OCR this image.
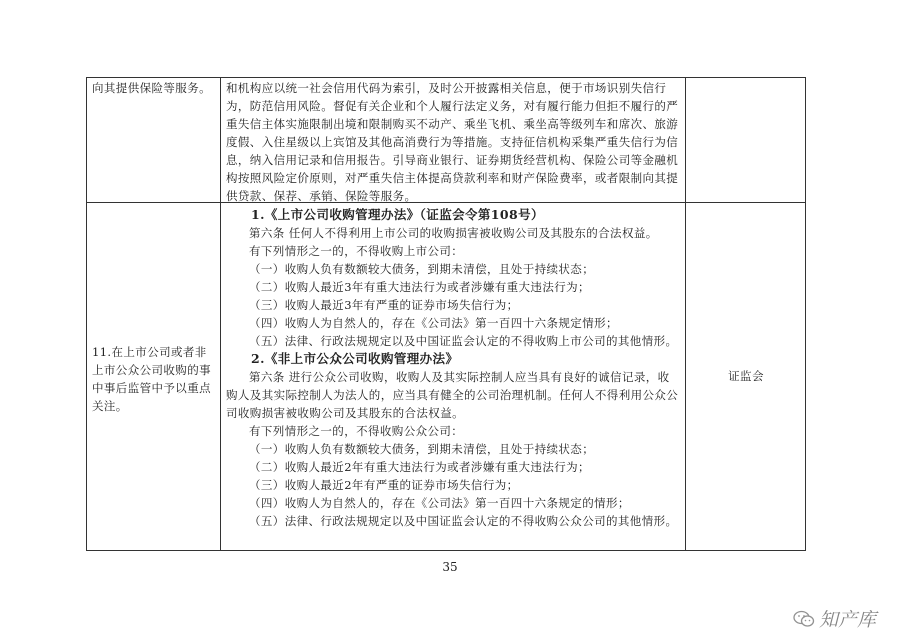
向其提供保险等服务。	和机构应以统一社会信用代码为索引，及时公开披露相关信息，便于市场识别失信行为，防范信用风险。督促有关企业和个人履行法定义务，对有履行能力但拒不履行的严重失信主体实施限制出境和限制购买不动产、乘坐飞机、乘坐高等级列车和席次、旅游度假、入住星级以上宾馆及其他高消费行为等措施。支持征信机构采集严重失信行为信息，纳入信用记录和信用报告。引导商业银行、证券期货经营机构、保险公司等金融机构按照风险定价原则，对严重失信主体提高贷款利率和财产保险费率，或者限制向其提供贷款、保荐、承销、保险等服务。

11.在上市公司或者非上市公众公司收购的事中事后监管中予以重点关注。

1.《上市公司收购管理办法》（证监会令第108号）

第六条 任何人不得利用上市公司的收购损害被收购公司及其股东的合法权益。

有下列情形之一的，不得收购上市公司：

（一）收购人负有数额较大债务，到期未清偿，且处于持续状态；

（二）收购人最近3年有重大违法行为或者涉嫌有重大违法行为；

（三）收购人最近3年有严重的证券市场失信行为；

（四）收购人为自然人的，存在《公司法》第一百四十六条规定情形；

（五）法律、行政法规规定以及中国证监会认定的不得收购上市公司的其他情形。

2.《非上市公众公司收购管理办法》

第六条 进行公众公司收购，收购人及其实际控制人应当具有良好的诚信记录，收购人及其实际控制人为法人的，应当具有健全的公司治理机制。任何人不得利用公众公司收购损害被收购公司及其股东的合法权益。

有下列情形之一的，不得收购公众公司：

（一）收购人负有数额较大债务，到期未清偿，且处于持续状态；

（二）收购人最近2年有重大违法行为或者涉嫌有重大违法行为；

（三）收购人最近2年有严重的证券市场失信行为；

（四）收购人为自然人的，存在《公司法》第一百四十六条规定的情形；

（五）法律、行政法规规定以及中国证监会认定的不得收购公众公司的其他情形。

证监会
35
知产库
